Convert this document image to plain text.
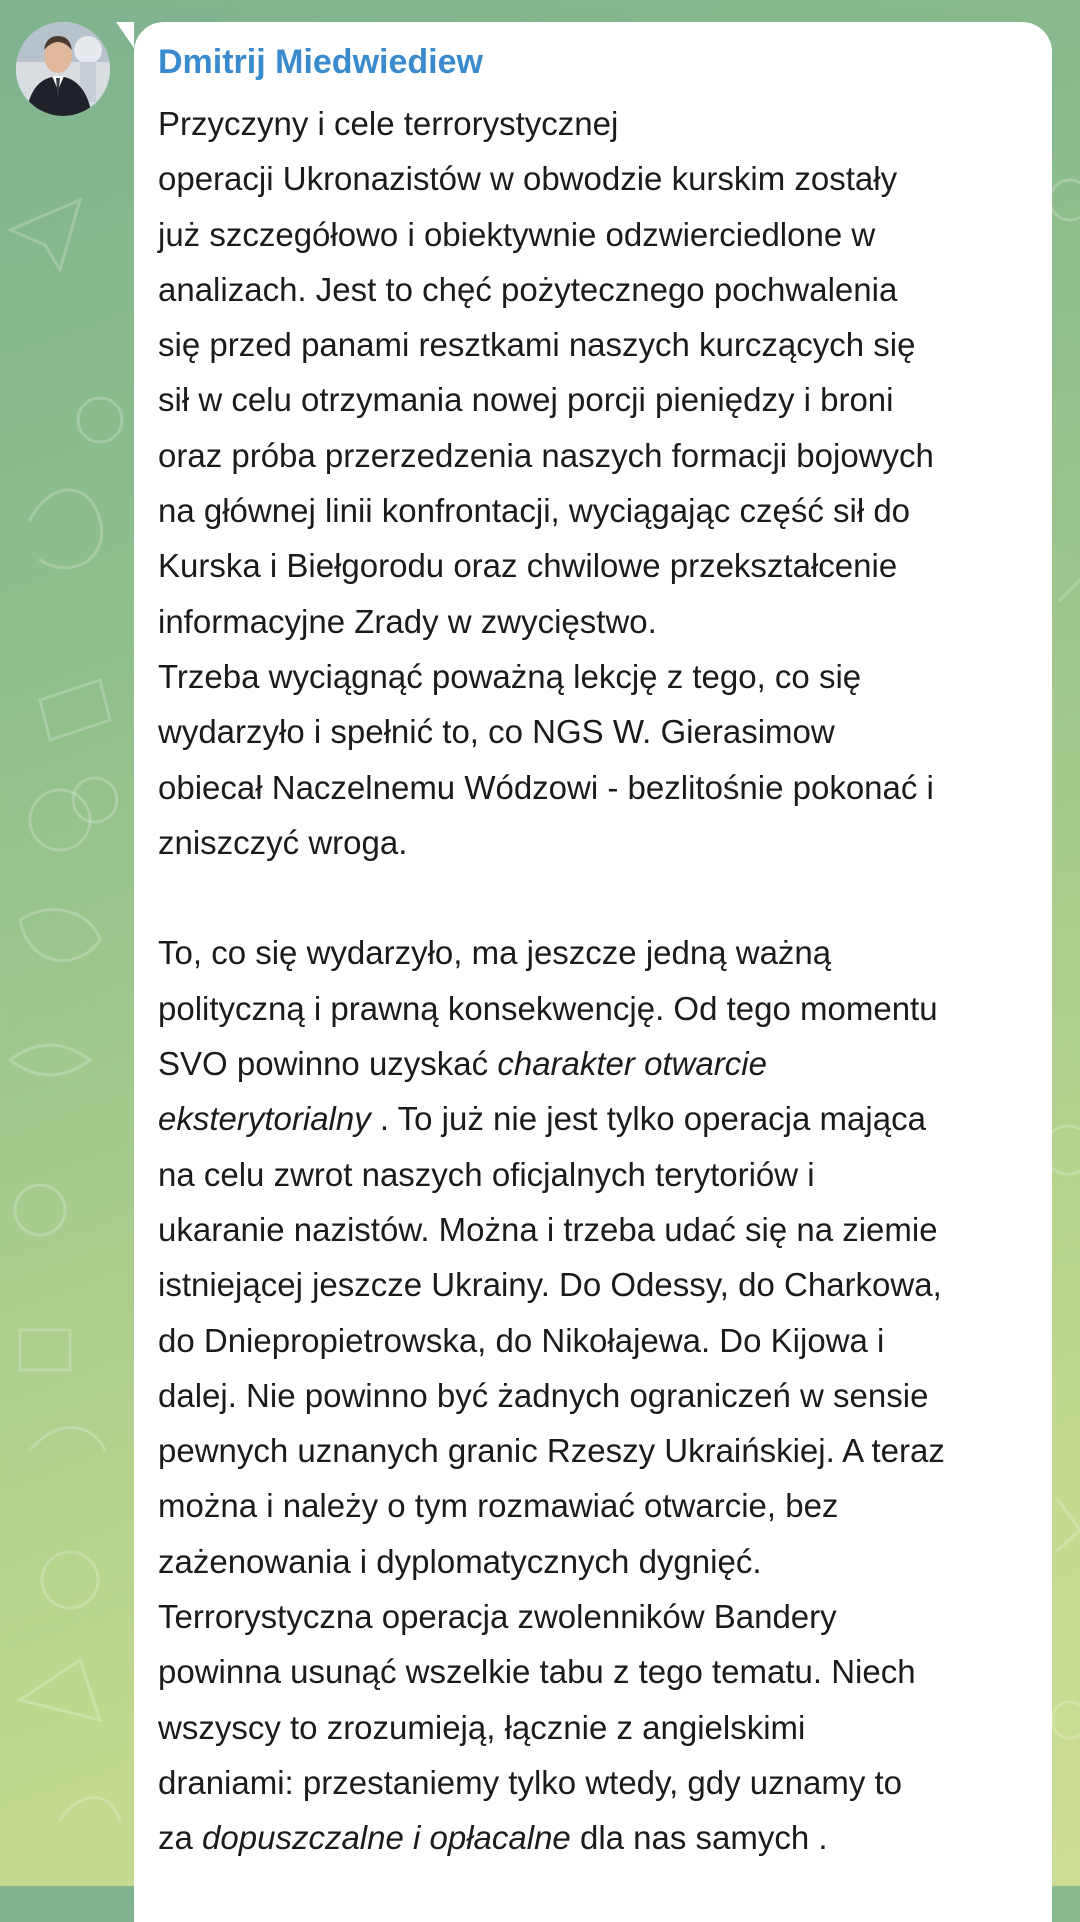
Dmitrij Miedwiediew
Przyczyny i cele terrorystycznej
operacji Ukronazistów w obwodzie kurskim zostały
już szczegółowo i obiektywnie odzwierciedlone w
analizach. Jest to chęć pożytecznego pochwalenia
się przed panami resztkami naszych kurczących się
sił w celu otrzymania nowej porcji pieniędzy i broni
oraz próba przerzedzenia naszych formacji bojowych
na głównej linii konfrontacji, wyciągając część sił do
Kurska i Biełgorodu oraz chwilowe przekształcenie
informacyjne Zrady w zwycięstwo.
Trzeba wyciągnąć poważną lekcję z tego, co się
wydarzyło i spełnić to, co NGS W. Gierasimow
obiecał Naczelnemu Wódzowi - bezlitośnie pokonać i
zniszczyć wroga.
To, co się wydarzyło, ma jeszcze jedną ważną
polityczną i prawną konsekwencję. Od tego momentu
SVO powinno uzyskać charakter otwarcie
eksterytorialny . To już nie jest tylko operacja mająca
na celu zwrot naszych oficjalnych terytoriów i
ukaranie nazistów. Można i trzeba udać się na ziemie
istniejącej jeszcze Ukrainy. Do Odessy, do Charkowa,
do Dniepropietrowska, do Nikołajewa. Do Kijowa i
dalej. Nie powinno być żadnych ograniczeń w sensie
pewnych uznanych granic Rzeszy Ukraińskiej. A teraz
można i należy o tym rozmawiać otwarcie, bez
zażenowania i dyplomatycznych dygnięć.
Terrorystyczna operacja zwolenników Bandery
powinna usunąć wszelkie tabu z tego tematu. Niech
wszyscy to zrozumieją, łącznie z angielskimi
draniami: przestaniemy tylko wtedy, gdy uznamy to
za dopuszczalne i opłacalne dla nas samych .
